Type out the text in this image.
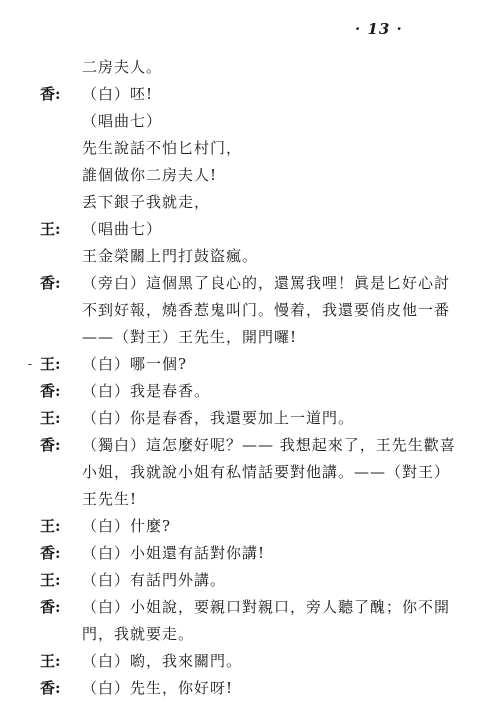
· 13 ·
二房夫人。
香: （白）呸!
（唱曲七）
先生說話不怕匕村门，
誰個做你二房夫人!
丢下銀子我就走，
王: （唱曲七）
王金榮關上門打鼓盜瘋。
香: （旁白）這個黑了良心的，還罵我哩！眞是匕好心討
不到好報，燒香惹鬼叫门。慢着，我還要俏皮他一番
——（對王）王先生，開門囉!
- 王: （白）哪一個?
香: （白）我是春香。
王: （白）你是春香，我還要加上一道門。
香: （獨白）這怎麼好呢？—— 我想起來了，王先生歡喜
小姐，我就說小姐有私情話要對他講。——（對王）
王先生!
王: （白）什麼?
香: （白）小姐還有話對你講!
王: （白）有話門外講。
香: （白）小姐說，要親口對親口，旁人聽了醜；你不開
門，我就要走。
王: （白）喲，我來關門。
香: （白）先生，你好呀!
